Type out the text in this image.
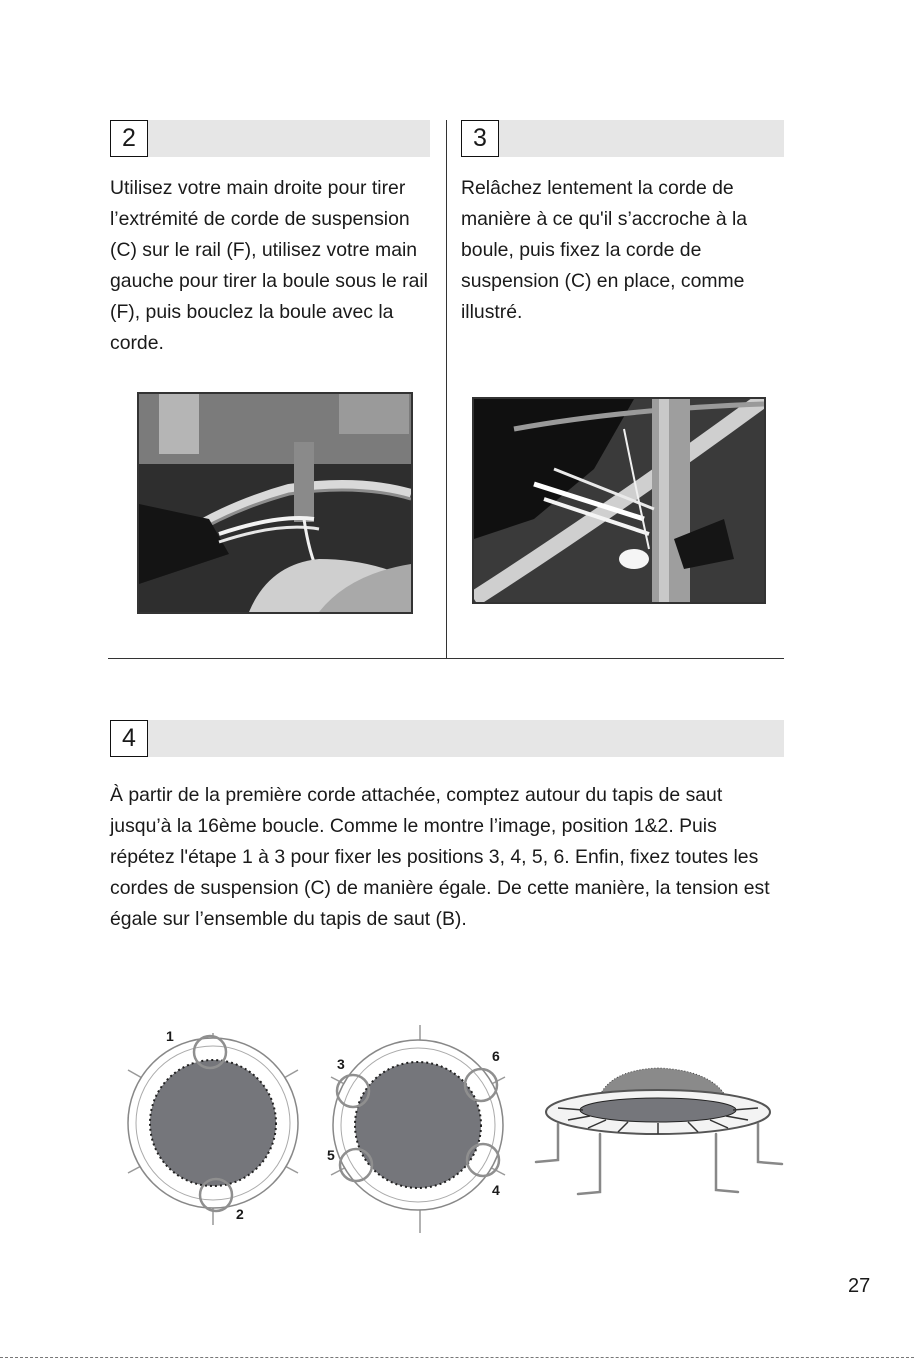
2

Utilisez votre main droite pour tirer l’extrémité de corde de suspension (C) sur le rail (F), utilisez votre main gauche pour tirer la boule sous le rail (F), puis bouclez la boule avec la corde.

3

Relâchez lentement la corde de manière à ce qu'il s’accroche à la boule, puis fixez la corde de suspension (C) en place, comme illustré.

4

À partir de la première corde attachée, comptez autour du tapis de saut jusqu’à la 16ème boucle. Comme le montre l’image, position 1&2. Puis répétez l'étape 1 à 3 pour fixer les positions 3, 4, 5, 6. Enfin, fixez toutes les cordes de suspension (C) de manière égale. De cette manière, la tension est égale sur l’ensemble du tapis de saut (B).

1
2
3	6
5
4
27
